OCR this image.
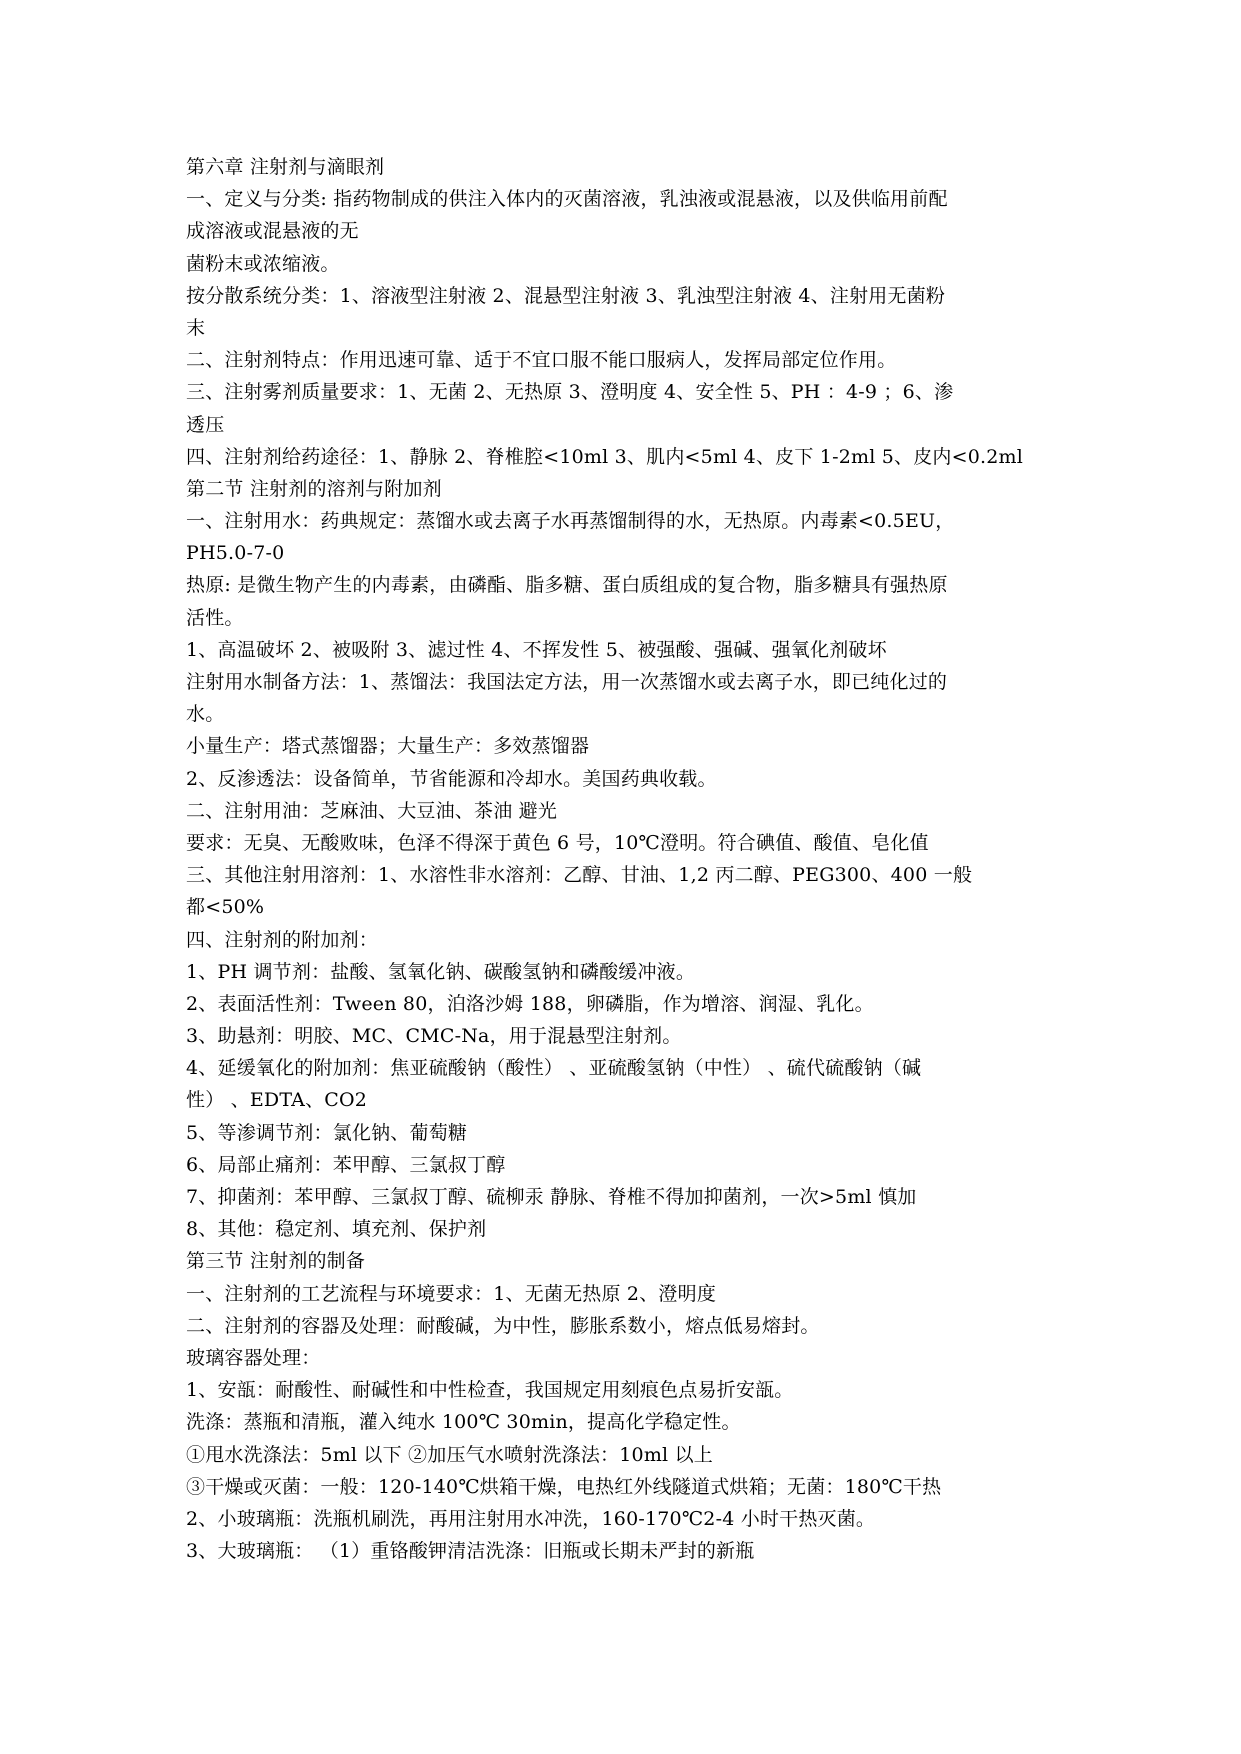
第六章 注射剂与滴眼剂
一、定义与分类: 指药物制成的供注入体内的灭菌溶液，乳浊液或混悬液，以及供临用前配
成溶液或混悬液的无
菌粉末或浓缩液。
按分散系统分类：1、溶液型注射液 2、混悬型注射液 3、乳浊型注射液 4、注射用无菌粉
末
二、注射剂特点：作用迅速可靠、适于不宜口服不能口服病人，发挥局部定位作用。
三、注射雾剂质量要求：1、无菌 2、无热原 3、澄明度 4、安全性 5、PH ：4-9 ；6、渗
透压
四、注射剂给药途径：1、静脉 2、脊椎腔<10ml 3、肌内<5ml 4、皮下 1-2ml 5、皮内<0.2ml
第二节 注射剂的溶剂与附加剂
一、注射用水：药典规定：蒸馏水或去离子水再蒸馏制得的水，无热原。内毒素<0.5EU，
PH5.0-7-0
热原: 是微生物产生的内毒素，由磷酯、脂多糖、蛋白质组成的复合物，脂多糖具有强热原
活性。
1、高温破坏 2、被吸附 3、滤过性 4、不挥发性 5、被强酸、强碱、强氧化剂破坏
注射用水制备方法：1、蒸馏法：我国法定方法，用一次蒸馏水或去离子水，即已纯化过的
水。
小量生产：塔式蒸馏器；大量生产：多效蒸馏器
2、反渗透法：设备简单，节省能源和冷却水。美国药典收载。
二、注射用油：芝麻油、大豆油、茶油 避光
要求：无臭、无酸败味，色泽不得深于黄色 6 号，10℃澄明。符合碘值、酸值、皂化值
三、其他注射用溶剂：1、水溶性非水溶剂：乙醇、甘油、1,2 丙二醇、PEG300、400 一般
都<50%
四、注射剂的附加剂：
1、PH 调节剂：盐酸、氢氧化钠、碳酸氢钠和磷酸缓冲液。
2、表面活性剂：Tween 80，泊洛沙姆 188，卵磷脂，作为增溶、润湿、乳化。
3、助悬剂：明胶、MC、CMC-Na，用于混悬型注射剂。
4、延缓氧化的附加剂：焦亚硫酸钠（酸性） 、亚硫酸氢钠（中性） 、硫代硫酸钠（碱
性） 、EDTA、CO2
5、等渗调节剂：氯化钠、葡萄糖
6、局部止痛剂：苯甲醇、三氯叔丁醇
7、抑菌剂：苯甲醇、三氯叔丁醇、硫柳汞 静脉、脊椎不得加抑菌剂，一次>5ml 慎加
8、其他：稳定剂、填充剂、保护剂
第三节 注射剂的制备
一、注射剂的工艺流程与环境要求：1、无菌无热原 2、澄明度
二、注射剂的容器及处理：耐酸碱，为中性，膨胀系数小，熔点低易熔封。
玻璃容器处理：
1、安瓿：耐酸性、耐碱性和中性检查，我国规定用刻痕色点易折安瓿。
洗涤：蒸瓶和清瓶，灌入纯水 100℃ 30min，提高化学稳定性。
①甩水洗涤法：5ml 以下 ②加压气水喷射洗涤法：10ml 以上
③干燥或灭菌：一般：120-140℃烘箱干燥，电热红外线隧道式烘箱；无菌：180℃干热
2、小玻璃瓶：洗瓶机刷洗，再用注射用水冲洗，160-170℃2-4 小时干热灭菌。
3、大玻璃瓶： （1）重铬酸钾清洁洗涤：旧瓶或长期未严封的新瓶
